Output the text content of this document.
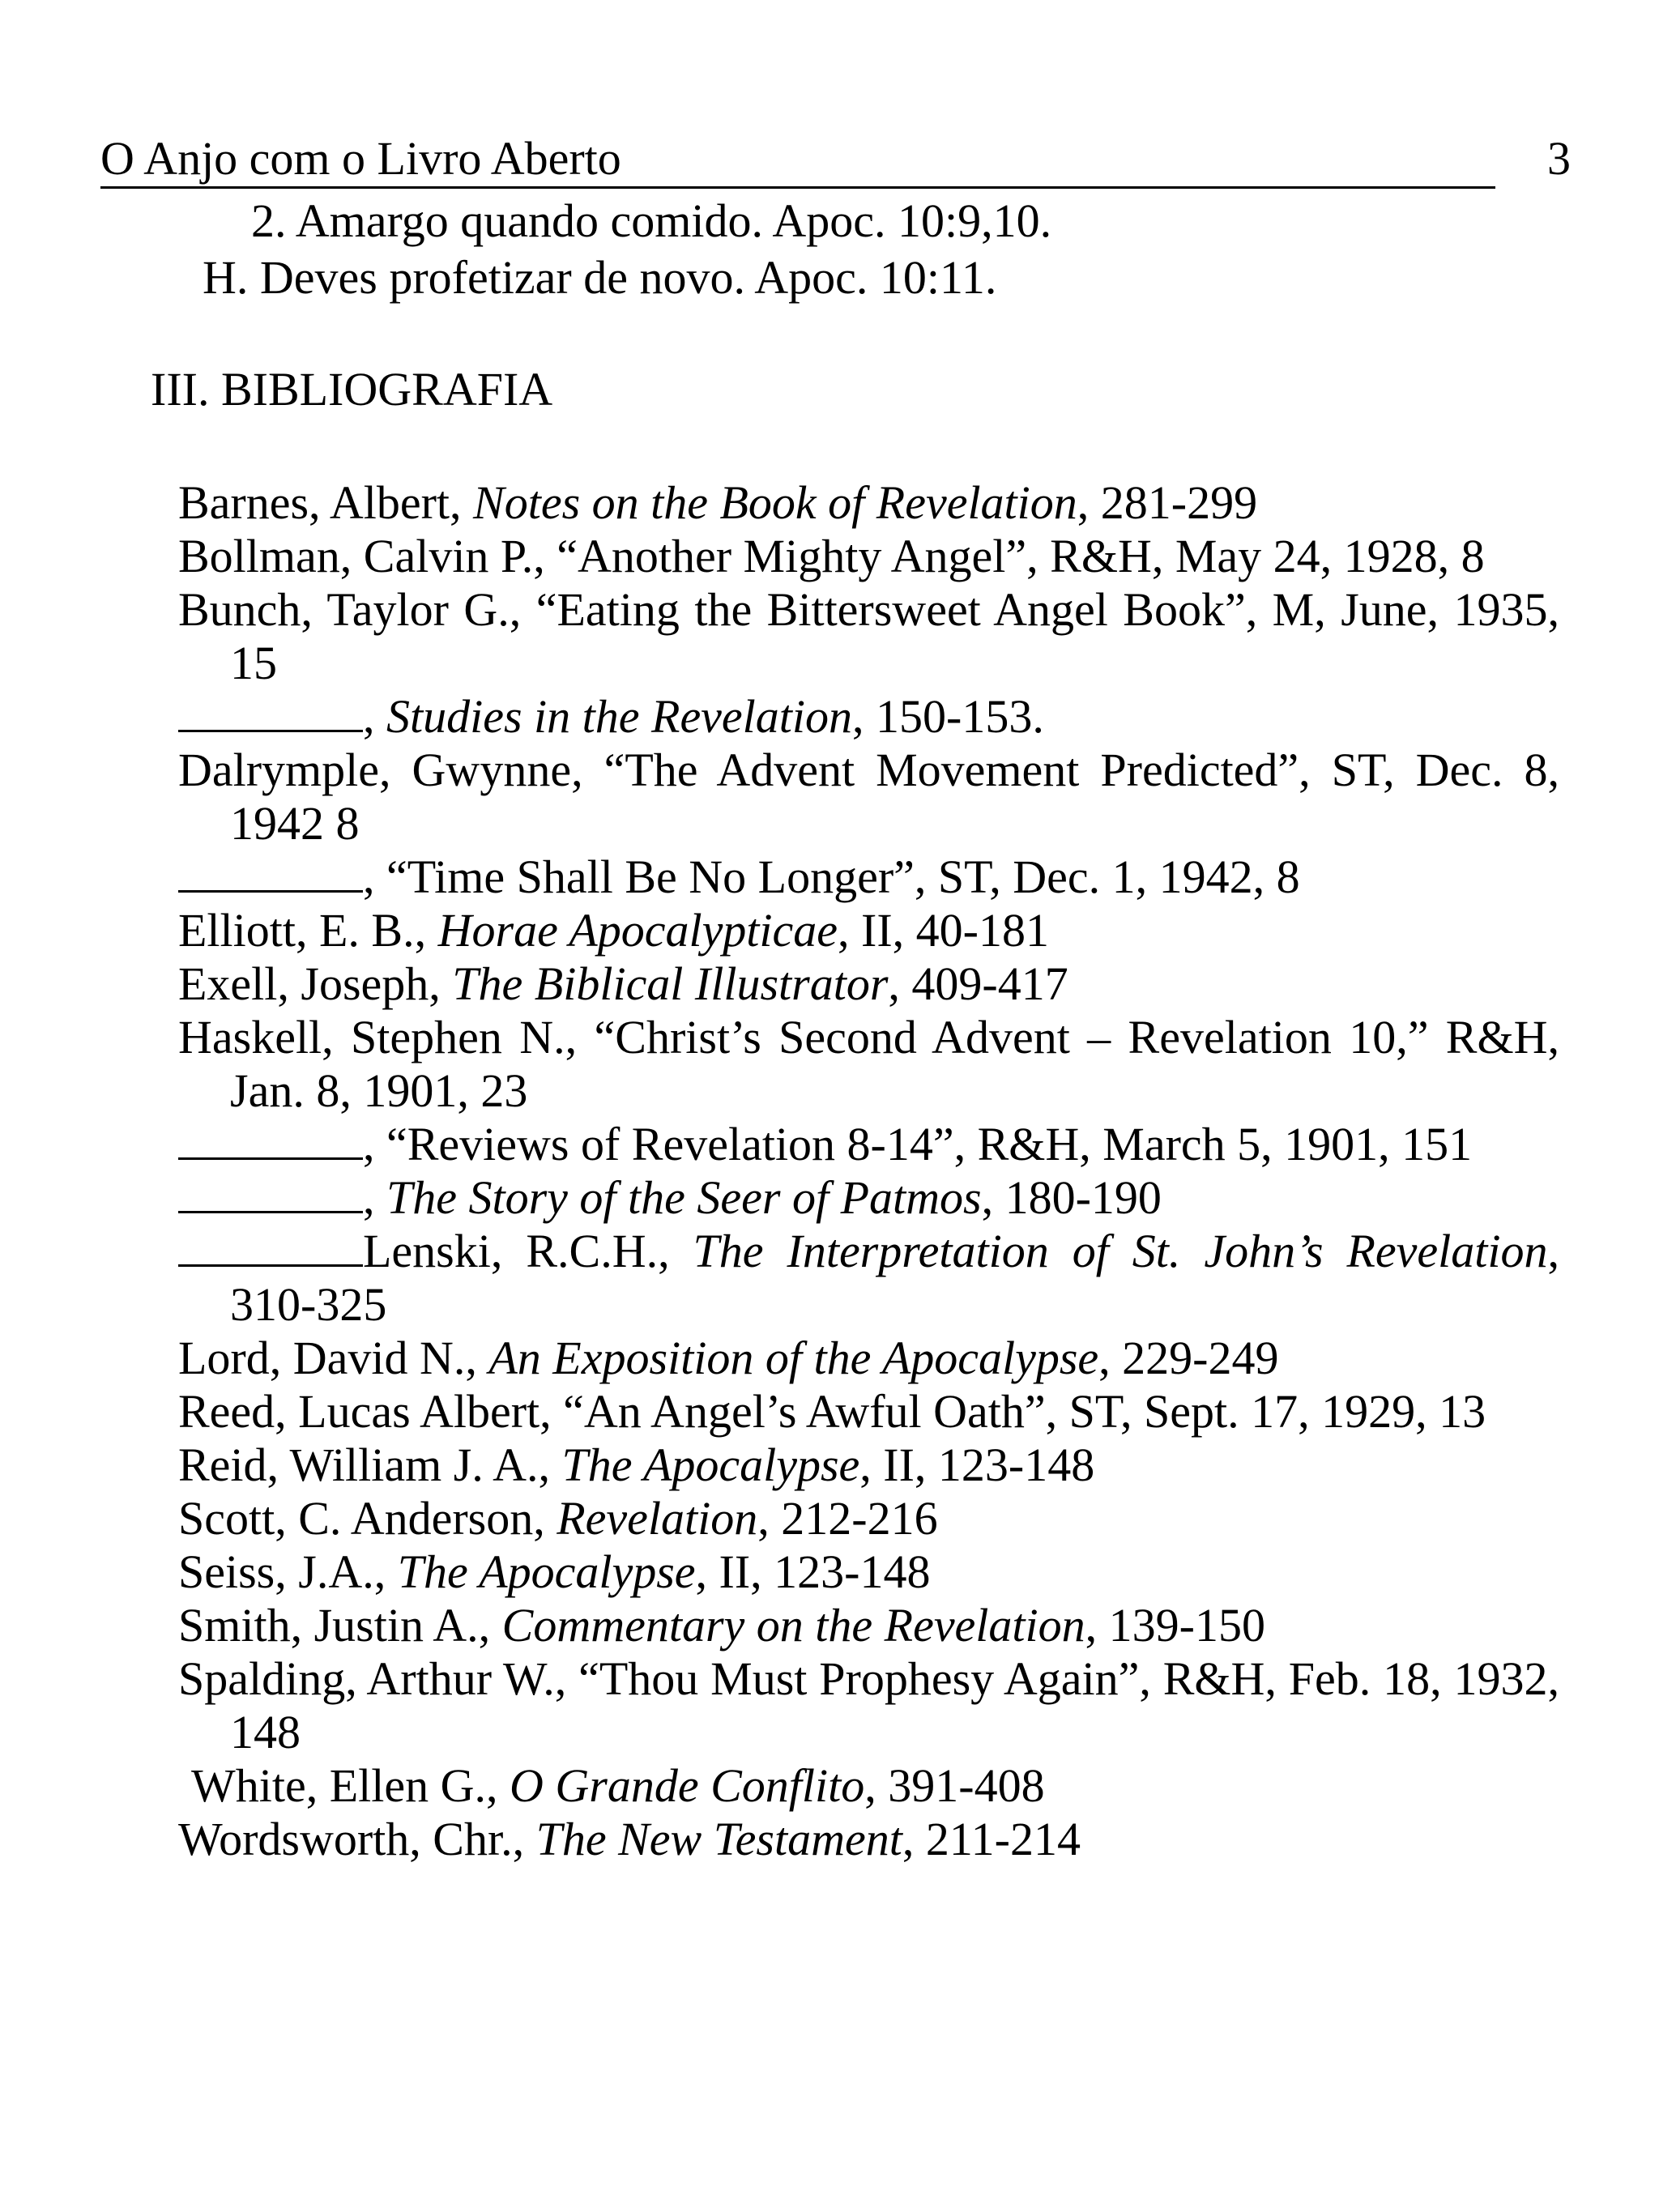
O Anjo com o Livro Aberto	3
2. Amargo quando comido. Apoc. 10:9,10.
H. Deves profetizar de novo. Apoc. 10:11.
III. BIBLIOGRAFIA

Barnes, Albert, Notes on the Book of Revelation, 281-299

Bollman, Calvin P., “Another Mighty Angel”, R&H, May 24, 1928, 8

Bunch, Taylor G., “Eating the Bittersweet Angel Book”, M, June, 1935, 15

, Studies in the Revelation, 150-153.

Dalrymple, Gwynne, “The Advent Movement Predicted”, ST, Dec. 8, 1942 8

, “Time Shall Be No Longer”, ST, Dec. 1, 1942, 8

Elliott, E. B., Horae Apocalypticae, II, 40-181

Exell, Joseph, The Biblical Illustrator, 409-417

Haskell, Stephen N., “Christ’s Second Advent – Revelation 10,” R&H, Jan. 8, 1901, 23

, “Reviews of Revelation 8-14”, R&H, March 5, 1901, 151

, The Story of the Seer of Patmos, 180-190

Lenski, R.C.H., The Interpretation of St. John’s Revelation, 310-325

Lord, David N., An Exposition of the Apocalypse, 229-249

Reed, Lucas Albert, “An Angel’s Awful Oath”, ST, Sept. 17, 1929, 13

Reid, William J. A., The Apocalypse, II, 123-148

Scott, C. Anderson, Revelation, 212-216

Seiss, J.A., The Apocalypse, II, 123-148

Smith, Justin A., Commentary on the Revelation, 139-150

Spalding, Arthur W., “Thou Must Prophesy Again”, R&H, Feb. 18, 1932, 148

White, Ellen G., O Grande Conflito, 391-408

Wordsworth, Chr., The New Testament, 211-214
